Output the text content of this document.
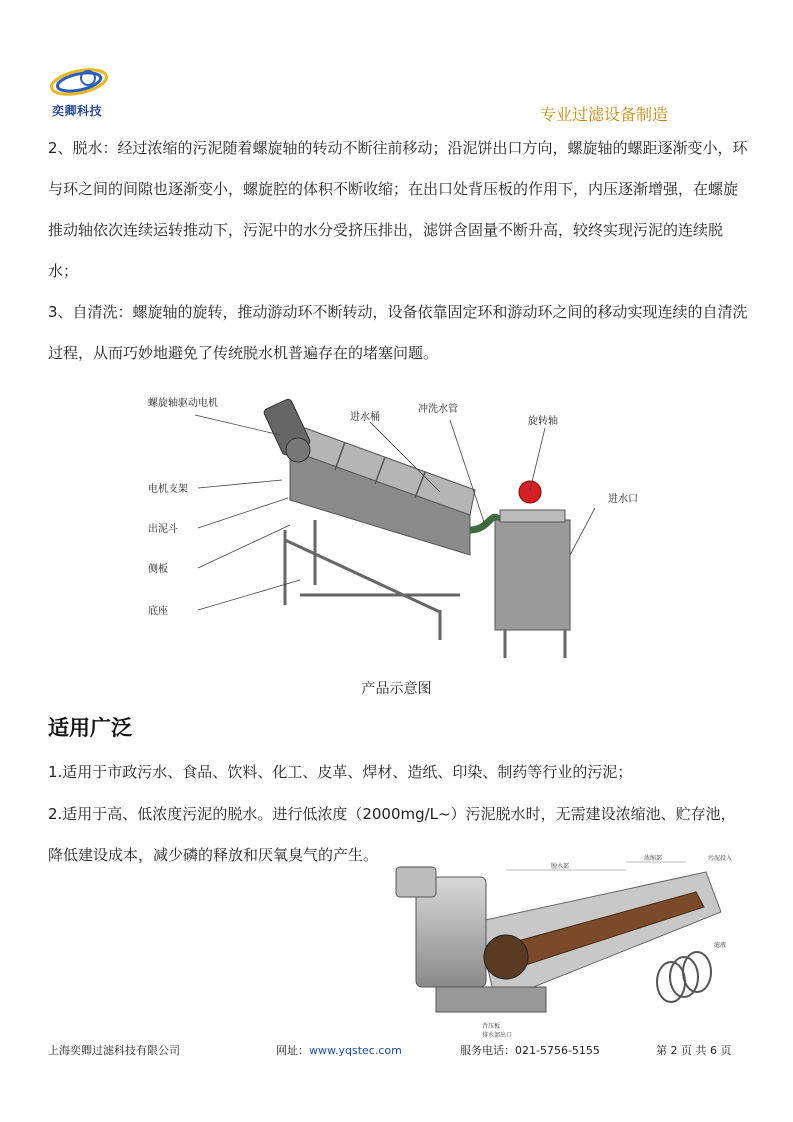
奕卿科技	专业过滤设备制造

2、脱水：经过浓缩的污泥随着螺旋轴的转动不断往前移动；沿泥饼出口方向，螺旋轴的螺距逐渐变小，环与环之间的间隙也逐渐变小，螺旋腔的体积不断收缩；在出口处背压板的作用下，内压逐渐增强，在螺旋推动轴依次连续运转推动下，污泥中的水分受挤压排出，滤饼含固量不断升高，较终实现污泥的连续脱水；

3、自清洗：螺旋轴的旋转，推动游动环不断转动，设备依靠固定环和游动环之间的移动实现连续的自清洗过程，从而巧妙地避免了传统脱水机普遍存在的堵塞问题。

螺旋轴驱动电机
电机支架
出泥斗
侧板
底座
进水桶
冲洗水管
旋转轴
进水口
产品示意图
适用广泛

1.适用于市政污水、食品、饮料、化工、皮革、焊材、造纸、印染、制药等行业的污泥；

2.适用于高、低浓度污泥的脱水。进行低浓度（2000mg/L~）污泥脱水时，无需建设浓缩池、贮存池，降低建设成本，减少磷的释放和厌氧臭气的产生。

脱水部
浓缩部	污泥投入
滤液
背压板
排水部出口
上海奕卿过滤科技有限公司	网址：www.yqstec.com	服务电话：021-5756-5155	第 2 页 共 6 页
